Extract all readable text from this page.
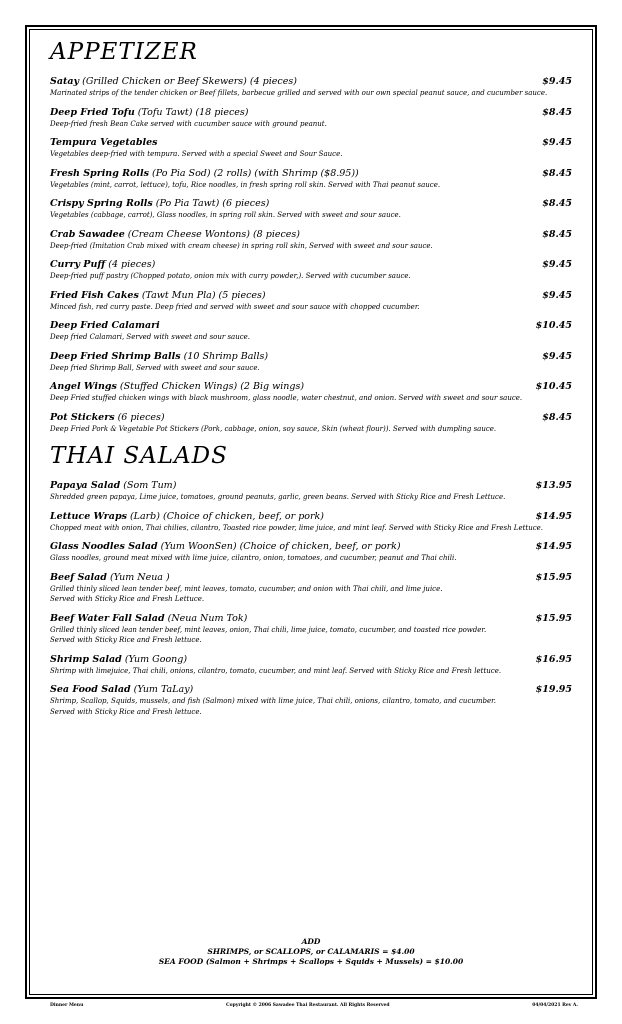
APPETIZER
Satay (Grilled Chicken or Beef Skewers) (4 pieces)	$9.45
Marinated strips of the tender chicken or Beef fillets, barbecue grilled and served with our own special peanut sauce, and cucumber sauce.
Deep Fried Tofu (Tofu Tawt) (18 pieces)	$8.45
Deep-fried fresh Bean Cake served with cucumber sauce with ground peanut.
Tempura Vegetables	$9.45
Vegetables deep-fried with tempura. Served with a special Sweet and Sour Sauce.
Fresh Spring Rolls (Po Pia Sod) (2 rolls) (with Shrimp ($8.95))	$8.45
Vegetables (mint, carrot, lettuce), tofu, Rice noodles, in fresh spring roll skin. Served with Thai peanut sauce.
Crispy Spring Rolls (Po Pia Tawt) (6 pieces)	$8.45
Vegetables (cabbage, carrot), Glass noodles, in spring roll skin. Served with sweet and sour sauce.
Crab Sawadee (Cream Cheese Wontons) (8 pieces)	$8.45
Deep-fried (Imitation Crab mixed with cream cheese) in spring roll skin, Served with sweet and sour sauce.
Curry Puff (4 pieces)	$9.45
Deep-fried puff pastry (Chopped potato, onion mix with curry powder,). Served with cucumber sauce.
Fried Fish Cakes (Tawt Mun Pla) (5 pieces)	$9.45
Minced fish, red curry paste. Deep fried and served with sweet and sour sauce with chopped cucumber.
Deep Fried Calamari	$10.45
Deep fried Calamari, Served with sweet and sour sauce.
Deep Fried Shrimp Balls (10 Shrimp Balls)	$9.45
Deep fried Shrimp Ball, Served with sweet and sour sauce.
Angel Wings (Stuffed Chicken Wings) (2 Big wings)	$10.45
Deep Fried stuffed chicken wings with black mushroom, glass noodle, water chestnut, and onion. Served with sweet and sour sauce.
Pot Stickers (6 pieces)	$8.45
Deep Fried Pork & Vegetable Pot Stickers (Pork, cabbage, onion, soy sauce, Skin (wheat flour)). Served with dumpling sauce.
THAI SALADS
Papaya Salad (Som Tum)	$13.95
Shredded green papaya, Lime juice, tomatoes, ground peanuts, garlic, green beans. Served with Sticky Rice and Fresh Lettuce.
Lettuce Wraps (Larb) (Choice of chicken, beef, or pork)	$14.95
Chopped meat with onion, Thai chilies, cilantro, Toasted rice powder, lime juice, and mint leaf. Served with Sticky Rice and Fresh Lettuce.
Glass Noodles Salad (Yum WoonSen) (Choice of chicken, beef, or pork)	$14.95
Glass noodles, ground meat mixed with lime juice, cilantro, onion, tomatoes, and cucumber, peanut and Thai chili.
Beef Salad (Yum Neua )	$15.95
Grilled thinly sliced lean tender beef, mint leaves, tomato, cucumber, and onion with Thai chili, and lime juice.
Served with Sticky Rice and Fresh Lettuce.
Beef Water Fall Salad (Neua Num Tok)	$15.95
Grilled thinly sliced lean tender beef, mint leaves, onion, Thai chili, lime juice, tomato, cucumber, and toasted rice powder.
Served with Sticky Rice and Fresh lettuce.
Shrimp Salad (Yum Goong)	$16.95
Shrimp with limejuice, Thai chili, onions, cilantro, tomato, cucumber, and mint leaf. Served with Sticky Rice and Fresh lettuce.
Sea Food Salad (Yum TaLay)	$19.95
Shrimp, Scallop, Squids, mussels, and fish (Salmon) mixed with lime juice, Thai chili, onions, cilantro, tomato, and cucumber.
Served with Sticky Rice and Fresh lettuce.
ADD
SHRIMPS, or SCALLOPS, or CALAMARIS = $4.00
SEA FOOD (Salmon + Shrimps + Scallops + Squids + Mussels) = $10.00
Dinner Menu	Copyright © 2006 Sawadee Thai Restaurant. All Rights Reserved	04/04/2021 Rev A.
